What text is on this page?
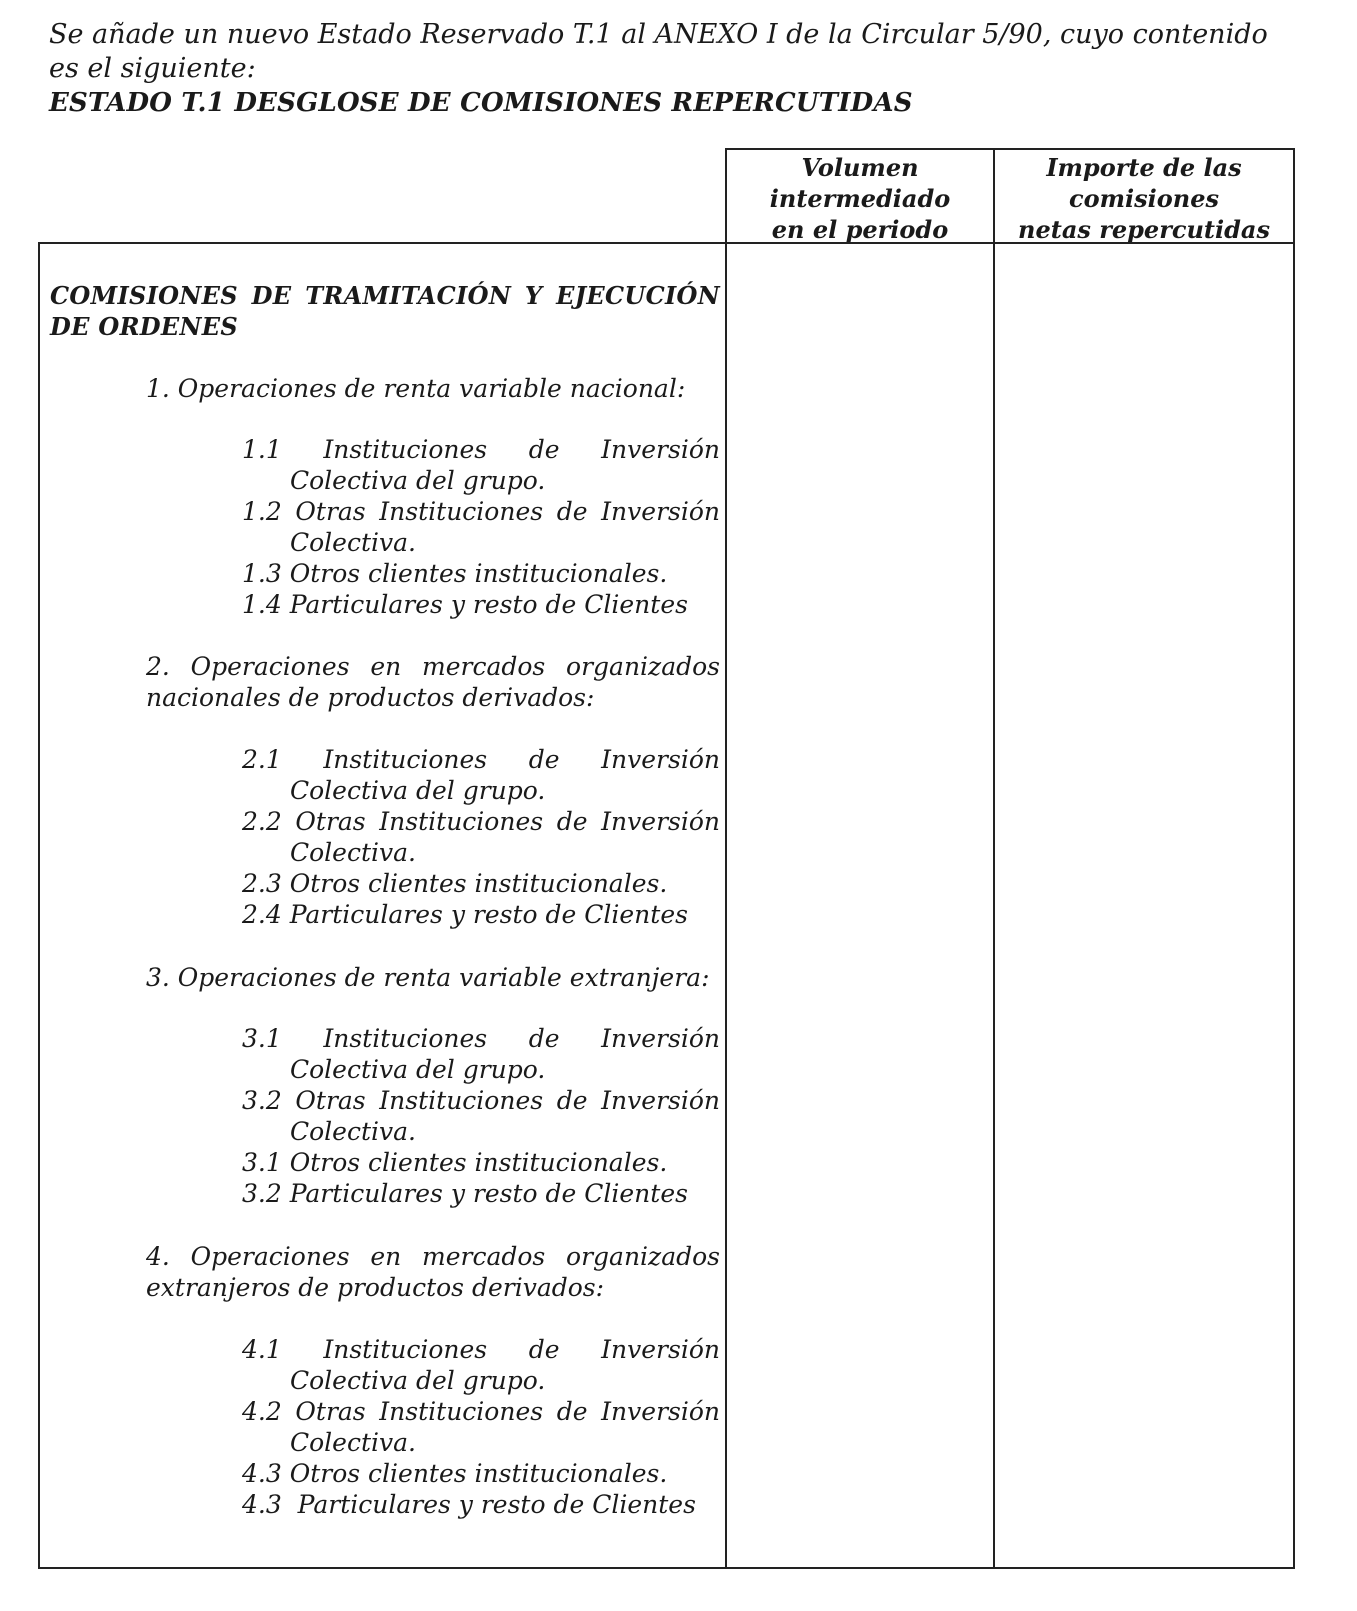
Se añade un nuevo Estado Reservado T.1 al ANEXO I de la Circular 5/90, cuyo contenido es el siguiente:
ESTADO T.1 DESGLOSE DE COMISIONES REPERCUTIDAS
Volumen
intermediado
en el periodo
Importe de las
comisiones
netas repercutidas
COMISIONES DE TRAMITACIÓN Y EJECUCIÓN
DE ORDENES
1. Operaciones de renta variable nacional:
1.1 Instituciones de Inversión
Colectiva del grupo.
1.2 Otras Instituciones de Inversión
Colectiva.
1.3 Otros clientes institucionales.
1.4 Particulares y resto de Clientes
2. Operaciones en mercados organizados
nacionales de productos derivados:
2.1 Instituciones de Inversión
Colectiva del grupo.
2.2 Otras Instituciones de Inversión
Colectiva.
2.3 Otros clientes institucionales.
2.4 Particulares y resto de Clientes
3. Operaciones de renta variable extranjera:
3.1 Instituciones de Inversión
Colectiva del grupo.
3.2 Otras Instituciones de Inversión
Colectiva.
3.1 Otros clientes institucionales.
3.2 Particulares y resto de Clientes
4. Operaciones en mercados organizados
extranjeros de productos derivados:
4.1 Instituciones de Inversión
Colectiva del grupo.
4.2 Otras Instituciones de Inversión
Colectiva.
4.3 Otros clientes institucionales.
4.3  Particulares y resto de Clientes
